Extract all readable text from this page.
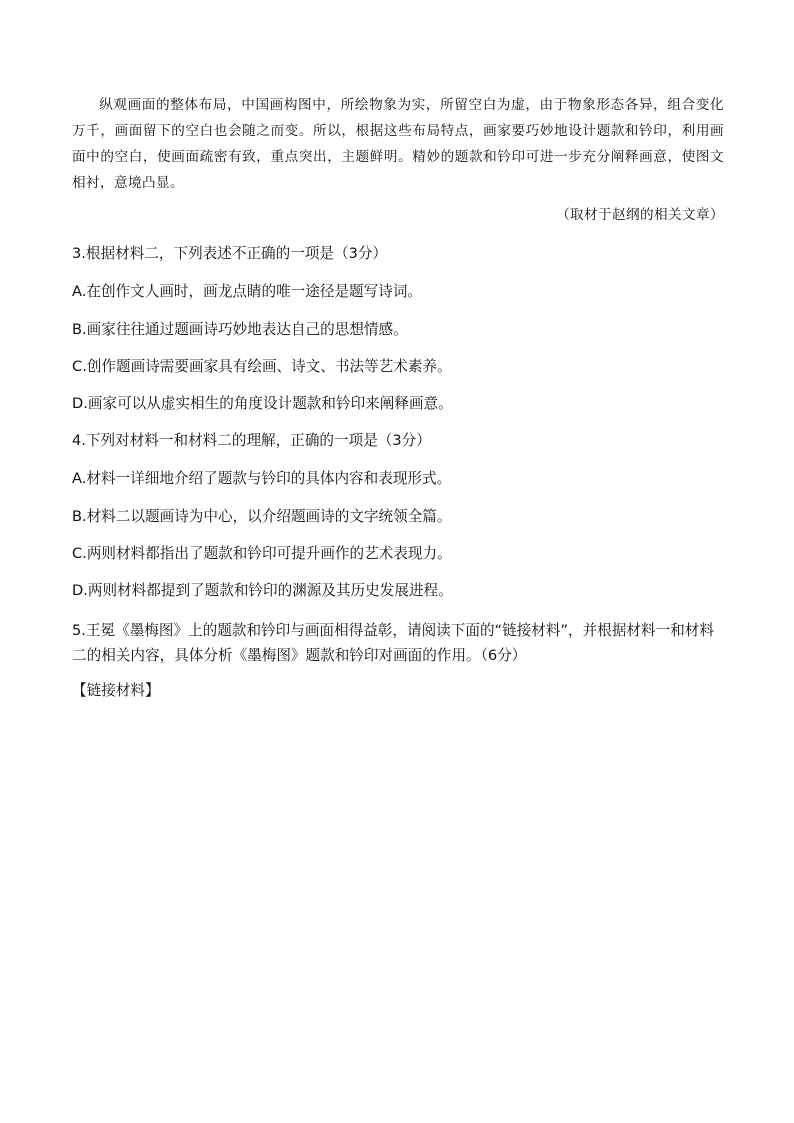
纵观画面的整体布局，中国画构图中，所绘物象为实，所留空白为虚，由于物象形态各异，组合变化万千，画面留下的空白也会随之而变。所以，根据这些布局特点，画家要巧妙地设计题款和钤印，利用画面中的空白，使画面疏密有致，重点突出，主题鲜明。精妙的题款和钤印可进一步充分阐释画意，使图文相衬，意境凸显。

（取材于赵纲的相关文章）

3.根据材料二，下列表述不正确的一项是（3分）

A.在创作文人画时，画龙点睛的唯一途径是题写诗词。

B.画家往往通过题画诗巧妙地表达自己的思想情感。

C.创作题画诗需要画家具有绘画、诗文、书法等艺术素养。

D.画家可以从虚实相生的角度设计题款和钤印来阐释画意。

4.下列对材料一和材料二的理解，正确的一项是（3分）

A.材料一详细地介绍了题款与钤印的具体内容和表现形式。

B.材料二以题画诗为中心，以介绍题画诗的文字统领全篇。

C.两则材料都指出了题款和钤印可提升画作的艺术表现力。

D.两则材料都提到了题款和钤印的渊源及其历史发展进程。

5.王冕《墨梅图》上的题款和钤印与画面相得益彰，请阅读下面的“链接材料”，并根据材料一和材料二的相关内容，具体分析《墨梅图》题款和钤印对画面的作用。（6分）

【链接材料】
